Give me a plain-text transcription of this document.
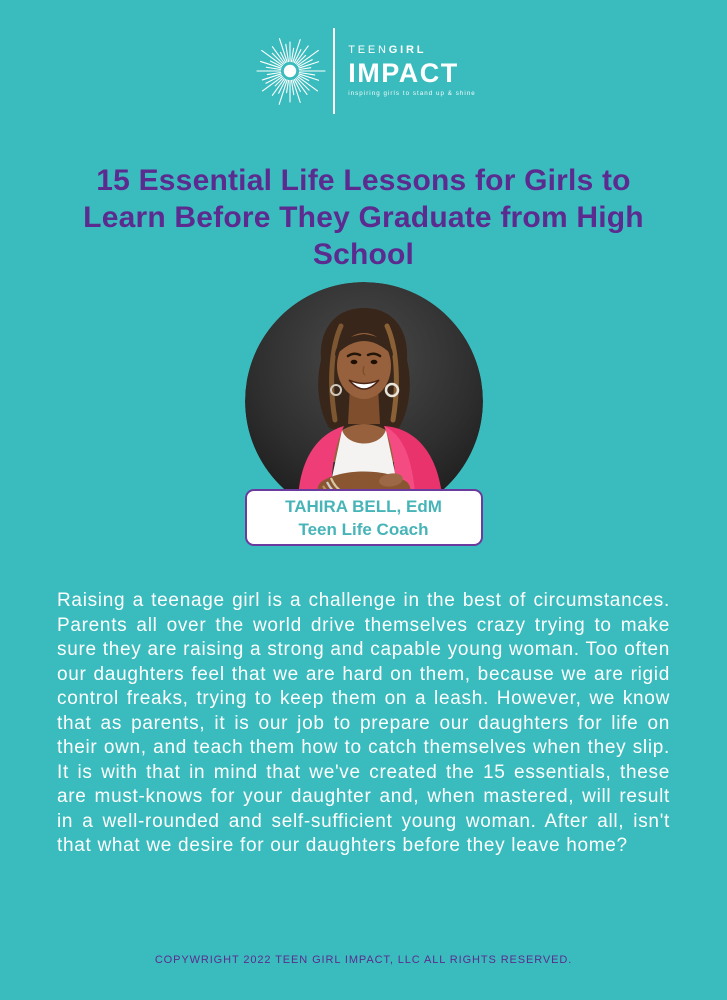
TEENGIRL
IMPACT
inspiring girls to stand up & shine
15 Essential Life Lessons for Girls to
Learn Before They Graduate from High
School
TAHIRA BELL, EdM
Teen Life Coach

Raising a teenage girl is a challenge in the best of circumstances. Parents all over the world drive themselves crazy trying to make sure they are raising a strong and capable young woman. Too often our daughters feel that we are hard on them, because we are rigid control freaks, trying to keep them on a leash. However, we know that as parents, it is our job to prepare our daughters for life on their own, and teach them how to catch themselves when they slip. It is with that in mind that we've created the 15 essentials, these are must-knows for your daughter and, when mastered, will result in a well-rounded and self-sufficient young woman. After all, isn't that what we desire for our daughters before they leave home?

COPYWRIGHT 2022 TEEN GIRL IMPACT, LLC ALL RIGHTS RESERVED.
